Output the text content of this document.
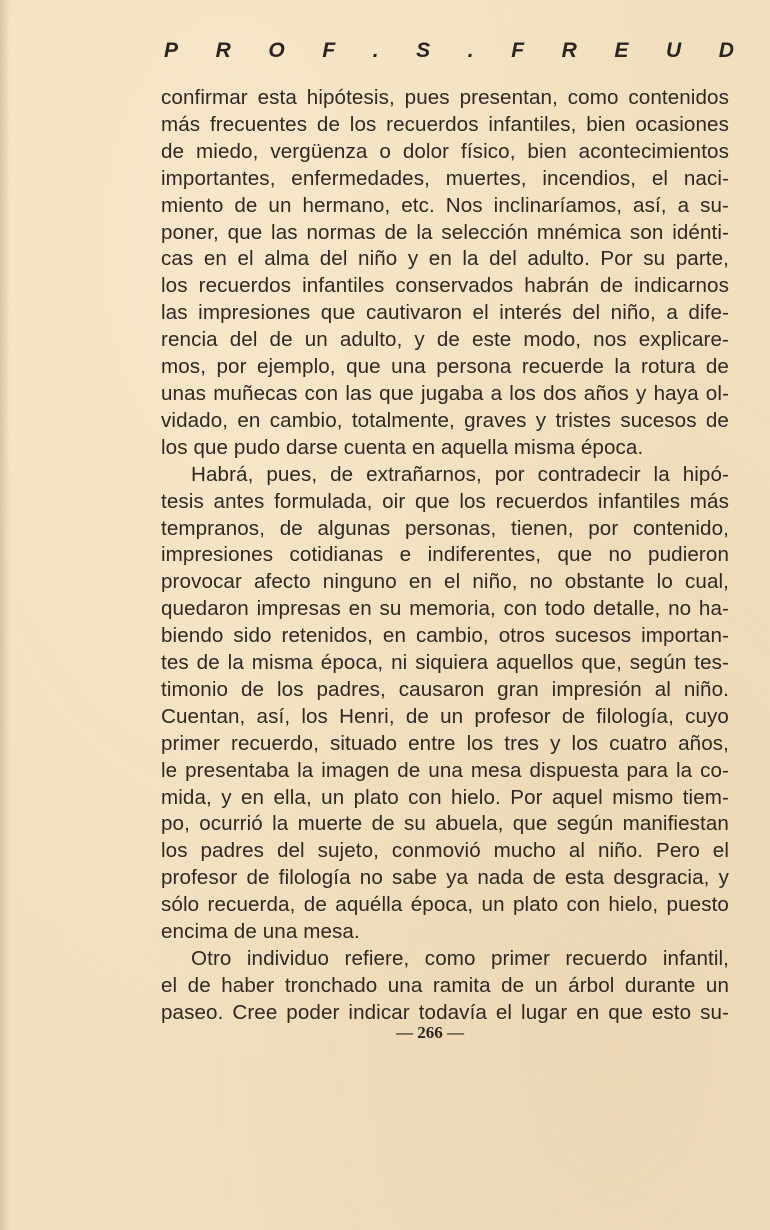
P R O F . S . F R E U D

confirmar esta hipótesis, pues presentan, como contenidos

más frecuentes de los recuerdos infantiles, bien ocasiones

de miedo, vergüenza o dolor físico, bien acontecimientos

importantes, enfermedades, muertes, incendios, el naci-

miento de un hermano, etc. Nos inclinaríamos, así, a su-

poner, que las normas de la selección mnémica son idénti-

cas en el alma del niño y en la del adulto. Por su parte,

los recuerdos infantiles conservados habrán de indicarnos

las impresiones que cautivaron el interés del niño, a dife-

rencia del de un adulto, y de este modo, nos explicare-

mos, por ejemplo, que una persona recuerde la rotura de

unas muñecas con las que jugaba a los dos años y haya ol-

vidado, en cambio, totalmente, graves y tristes sucesos de

los que pudo darse cuenta en aquella misma época.

Habrá, pues, de extrañarnos, por contradecir la hipó-

tesis antes formulada, oir que los recuerdos infantiles más

tempranos, de algunas personas, tienen, por contenido,

impresiones cotidianas e indiferentes, que no pudieron

provocar afecto ninguno en el niño, no obstante lo cual,

quedaron impresas en su memoria, con todo detalle, no ha-

biendo sido retenidos, en cambio, otros sucesos importan-

tes de la misma época, ni siquiera aquellos que, según tes-

timonio de los padres, causaron gran impresión al niño.

Cuentan, así, los Henri, de un profesor de filología, cuyo

primer recuerdo, situado entre los tres y los cuatro años,

le presentaba la imagen de una mesa dispuesta para la co-

mida, y en ella, un plato con hielo. Por aquel mismo tiem-

po, ocurrió la muerte de su abuela, que según manifiestan

los padres del sujeto, conmovió mucho al niño. Pero el

profesor de filología no sabe ya nada de esta desgracia, y

sólo recuerda, de aquélla época, un plato con hielo, puesto

encima de una mesa.

Otro individuo refiere, como primer recuerdo infantil,

el de haber tronchado una ramita de un árbol durante un

paseo. Cree poder indicar todavía el lugar en que esto su-

— 266 —
